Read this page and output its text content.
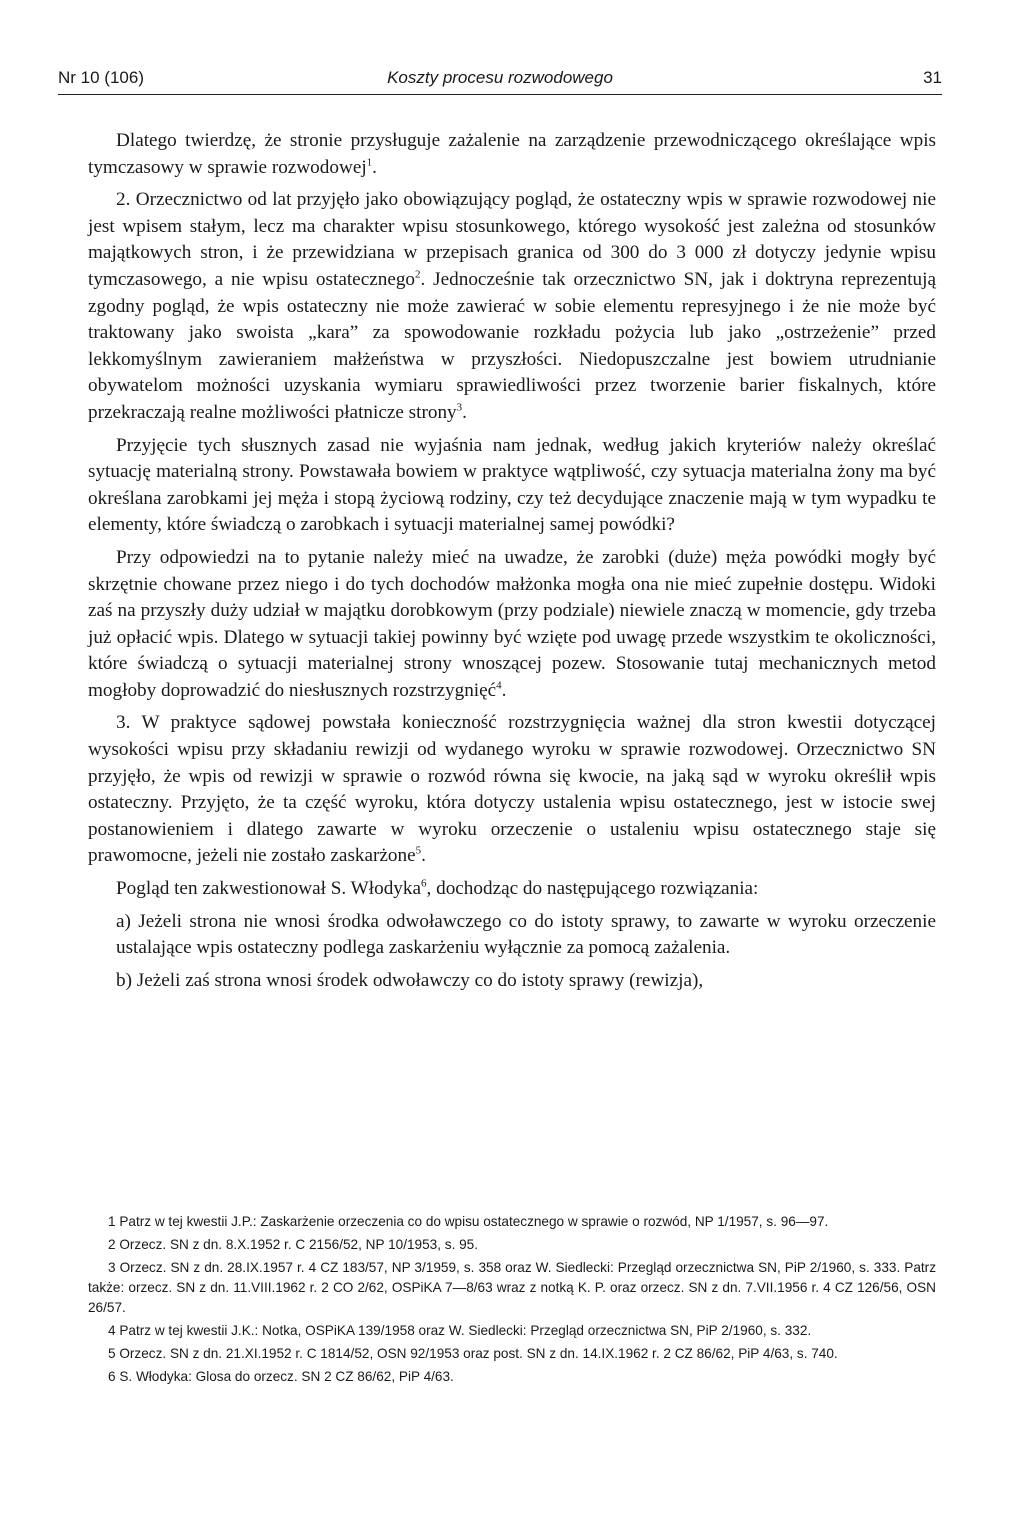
Nr 10 (106)	Koszty procesu rozwodowego	31

Dlatego twierdzę, że stronie przysługuje zażalenie na zarządzenie przewodniczącego określające wpis tymczasowy w sprawie rozwodowej$^1$.

2. Orzecznictwo od lat przyjęło jako obowiązujący pogląd, że ostateczny wpis w sprawie rozwodowej nie jest wpisem stałym, lecz ma charakter wpisu stosunkowego, którego wysokość jest zależna od stosunków majątkowych stron, i że przewidziana w przepisach granica od 300 do 3 000 zł dotyczy jedynie wpisu tymczasowego, a nie wpisu ostatecznego$^2$. Jednocześnie tak orzecznictwo SN, jak i doktryna reprezentują zgodny pogląd, że wpis ostateczny nie może zawierać w sobie elementu represyjnego i że nie może być traktowany jako swoista „kara” za spowodowanie rozkładu pożycia lub jako „ostrzeżenie” przed lekkomyślnym zawieraniem małżeństwa w przyszłości. Niedopuszczalne jest bowiem utrudnianie obywatelom możności uzyskania wymiaru sprawiedliwości przez tworzenie barier fiskalnych, które przekraczają realne możliwości płatnicze strony$^3$.

Przyjęcie tych słusznych zasad nie wyjaśnia nam jednak, według jakich kryteriów należy określać sytuację materialną strony. Powstawała bowiem w praktyce wątpliwość, czy sytuacja materialna żony ma być określana zarobkami jej męża i stopą życiową rodziny, czy też decydujące znaczenie mają w tym wypadku te elementy, które świadczą o zarobkach i sytuacji materialnej samej powódki?

Przy odpowiedzi na to pytanie należy mieć na uwadze, że zarobki (duże) męża powódki mogły być skrzętnie chowane przez niego i do tych dochodów małżonka mogła ona nie mieć zupełnie dostępu. Widoki zaś na przyszły duży udział w majątku dorobkowym (przy podziale) niewiele znaczą w momencie, gdy trzeba już opłacić wpis. Dlatego w sytuacji takiej powinny być wzięte pod uwagę przede wszystkim te okoliczności, które świadczą o sytuacji materialnej strony wnoszącej pozew. Stosowanie tutaj mechanicznych metod mogłoby doprowadzić do niesłusznych rozstrzygnięć$^4$.

3. W praktyce sądowej powstała konieczność rozstrzygnięcia ważnej dla stron kwestii dotyczącej wysokości wpisu przy składaniu rewizji od wydanego wyroku w sprawie rozwodowej. Orzecznictwo SN przyjęło, że wpis od rewizji w sprawie o rozwód równa się kwocie, na jaką sąd w wyroku określił wpis ostateczny. Przyjęto, że ta część wyroku, która dotyczy ustalenia wpisu ostatecznego, jest w istocie swej postanowieniem i dlatego zawarte w wyroku orzeczenie o ustaleniu wpisu ostatecznego staje się prawomocne, jeżeli nie zostało zaskarżone$^5$.

Pogląd ten zakwestionował S. Włodyka$^6$, dochodząc do następującego rozwiązania:

a) Jeżeli strona nie wnosi środka odwoławczego co do istoty sprawy, to zawarte w wyroku orzeczenie ustalające wpis ostateczny podlega zaskarżeniu wyłącznie za pomocą zażalenia.

b) Jeżeli zaś strona wnosi środek odwoławczy co do istoty sprawy (rewizja),

1 Patrz w tej kwestii J.P.: Zaskarżenie orzeczenia co do wpisu ostatecznego w sprawie o rozwód, NP 1/1957, s. 96—97.

2 Orzecz. SN z dn. 8.X.1952 r. C 2156/52, NP 10/1953, s. 95.

3 Orzecz. SN z dn. 28.IX.1957 r. 4 CZ 183/57, NP 3/1959, s. 358 oraz W. Siedlecki: Przegląd orzecznictwa SN, PiP 2/1960, s. 333. Patrz także: orzecz. SN z dn. 11.VIII.1962 r. 2 CO 2/62, OSPiKA 7—8/63 wraz z notką K. P. oraz orzecz. SN z dn. 7.VII.1956 r. 4 CZ 126/56, OSN 26/57.

4 Patrz w tej kwestii J.K.: Notka, OSPiKA 139/1958 oraz W. Siedlecki: Przegląd orzecznictwa SN, PiP 2/1960, s. 332.

5 Orzecz. SN z dn. 21.XI.1952 r. C 1814/52, OSN 92/1953 oraz post. SN z dn. 14.IX.1962 r. 2 CZ 86/62, PiP 4/63, s. 740.

6 S. Włodyka: Glosa do orzecz. SN 2 CZ 86/62, PiP 4/63.
